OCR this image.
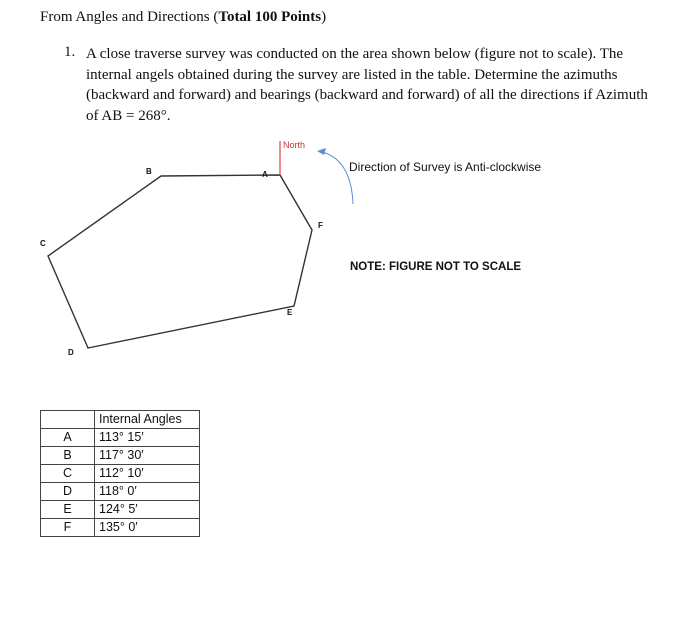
From Angles and Directions (Total 100 Points)
1. A close traverse survey was conducted on the area shown below (figure not to scale). The internal angels obtained during the survey are listed in the table. Determine the azimuths (backward and forward) and bearings (backward and forward) of all the directions if Azimuth of AB = 268°.
A
B
C
D
E
F
North
Direction of Survey is Anti-clockwise
NOTE: FIGURE NOT TO SCALE
	Internal Angles
A	113° 15′
B	117° 30′
C	112° 10′
D	118° 0′
E	124° 5′
F	135° 0′
